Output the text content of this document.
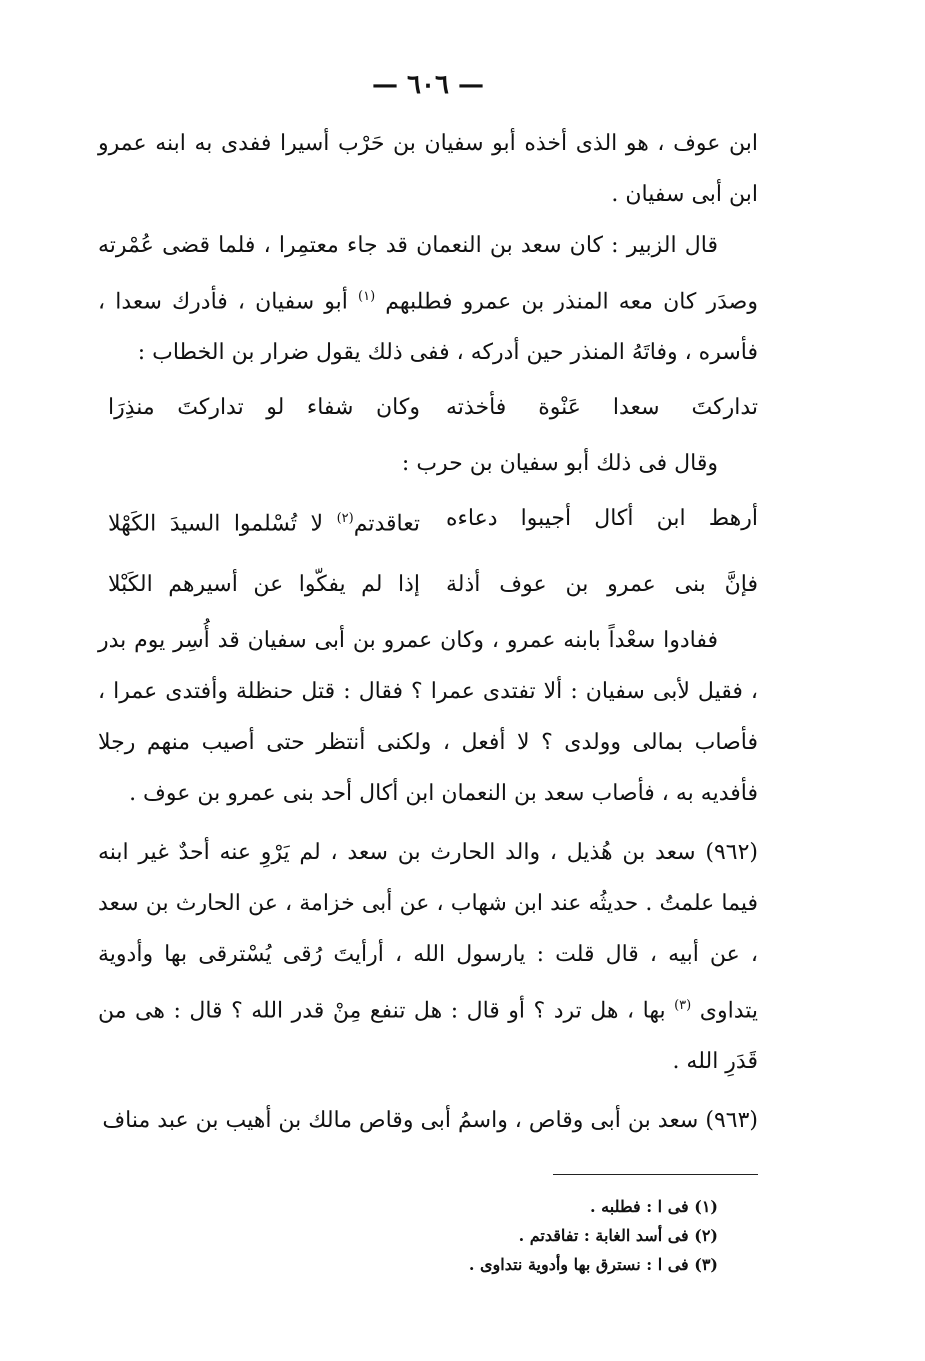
— ٦٠٦ —

ابن عوف ، هو الذى أخذه أبو سفيان بن حَرْب أسيرا ففدى به ابنه عمرو ابن أبى سفيان .

قال الزبير : كان سعد بن النعمان قد جاء معتمِرا ، فلما قضى عُمْرته وصدَر كان معه المنذر بن عمرو فطلبهم $^{(١)}$ أبو سفيان ، فأدرك سعدا ، فأسره ، وفاتَهُ المنذر حين أدركه ، ففى ذلك يقول ضرار بن الخطاب :

تداركتَ سعدا عَنْوة فأخذته
وكان شفاء لو تداركتَ منذِرَا

وقال فى ذلك أبو سفيان بن حرب :

أرهط ابن أكال أجيبوا دعاءه
تعاقدتم$^{(٢)}$ لا تُسْلموا السيدَ الكَهْلا
فإنَّ بنى عمرو بن عوف أذلة
إذا لم يفكّوا عن أسيرهم الكَبْلا

ففادوا سعْداً بابنه عمرو ، وكان عمرو بن أبى سفيان قد أُسِر يوم بدر ، فقيل لأبى سفيان : ألا تفتدى عمرا ؟ فقال : قتل حنظلة وأفتدى عمرا ، فأصاب بمالى وولدى ؟ لا أفعل ، ولكنى أنتظر حتى أصيب منهم رجلا فأفديه به ، فأصاب سعد بن النعمان ابن أكال أحد بنى عمرو بن عوف .

(٩٦٢) سعد بن هُذيل ، والد الحارث بن سعد ، لم يَرْوِ عنه أحدٌ غير ابنه فيما علمتُ . حديثُه عند ابن شهاب ، عن أبى خزامة ، عن الحارث بن سعد ، عن أبيه ، قال قلت : يارسول الله ، أرأيتَ رُقى يُسْترقى بها وأدوية يتداوى $^{(٣)}$ بها ، هل ترد ؟ أو قال : هل تنفع مِنْ قدر الله ؟ قال : هى من قَدَرِ الله .

(٩٦٣) سعد بن أبى وقاص ، واسمُ أبى وقاص مالك بن أهيب بن عبد مناف

(١) فى ا : فطلبه .
(٢) فى أسد الغابة : تفاقدتم .
(٣) فى ا : نسترق بها وأدوية نتداوى .
